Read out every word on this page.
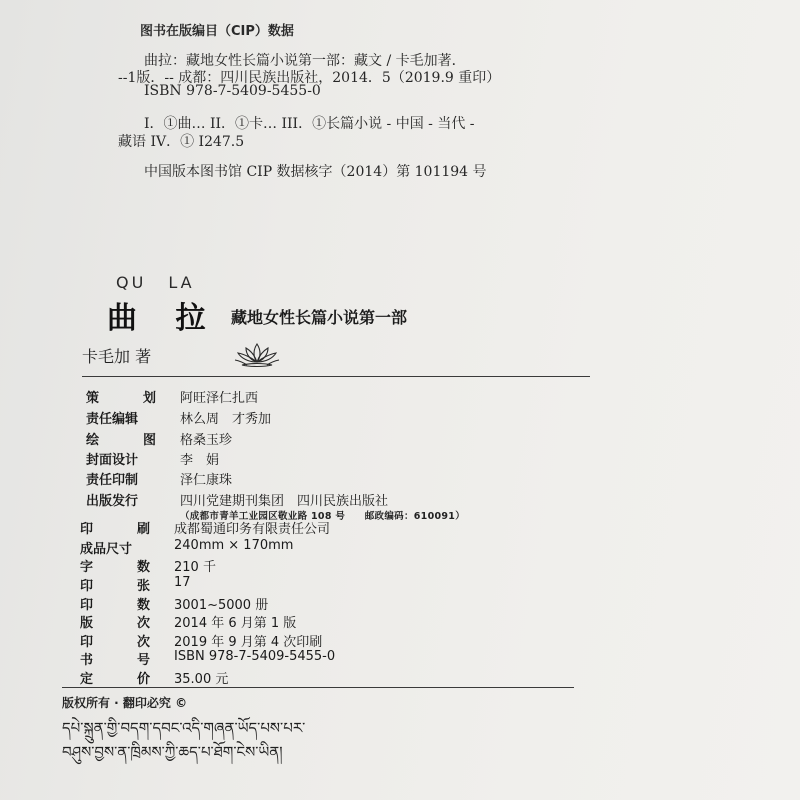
图书在版编目（CIP）数据
曲拉：藏地女性长篇小说第一部：藏文 / 卡毛加著．
--1版．-- 成都：四川民族出版社，2014．5（2019.9 重印）
ISBN 978-7-5409-5455-0
I．①曲… II．①卡… III．①长篇小说 - 中国 - 当代 -
藏语 IV．① I247.5
中国版本图书馆 CIP 数据核字（2014）第 101194 号
QU LA
曲 拉 藏地女性长篇小说第一部
卡毛加 著
策	划 阿旺泽仁扎西
责任编辑	林么周　才秀加
绘	图 格桑玉珍
封面设计	李　娟
责任印制	泽仁康珠
出版发行	四川党建期刊集团　四川民族出版社
（成都市青羊工业园区敬业路 108 号　　邮政编码：610091）
印	刷 成都蜀通印务有限责任公司
成品尺寸	240mm × 170mm
字	数 210 千
印	张 17
印	数 3001~5000 册
版	次 2014 年 6 月第 1 版
印	次 2019 年 9 月第 4 次印刷
书	号 ISBN 978-7-5409-5455-0
定	价 35.00 元
版权所有 · 翻印必究 ©
དཔེ་སྐྲུན་གྱི་བདག་དབང་འདི་གཞན་ཡོད་པས་པར་
བཤུས་བྱས་ན་ཁྲིམས་ཀྱི་ཆད་པ་ཐོག་ངེས་ཡིན།
